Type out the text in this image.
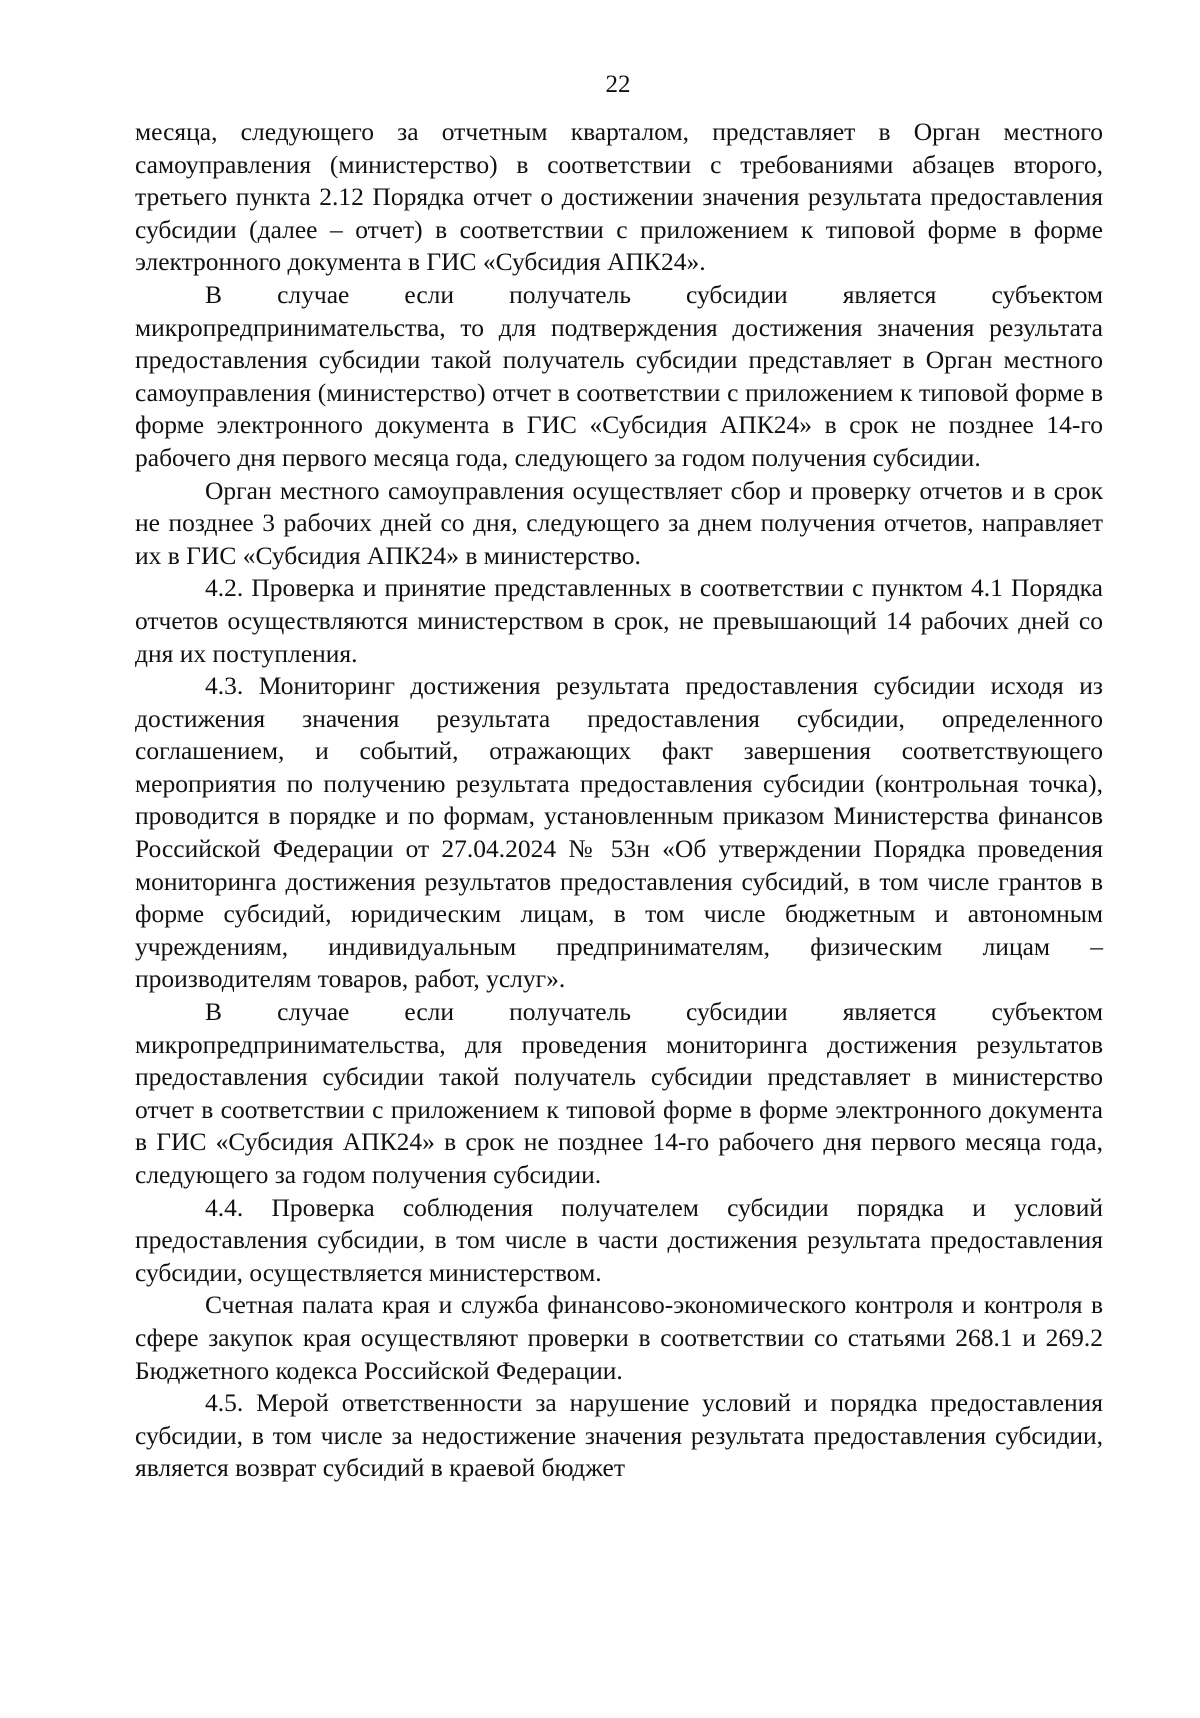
22

месяца, следующего за отчетным кварталом, представляет в Орган местного самоуправления (министерство) в соответствии с требованиями абзацев второго, третьего пункта 2.12 Порядка отчет о достижении значения результата предоставления субсидии (далее – отчет) в соответствии с приложением к типовой форме в форме электронного документа в ГИС «Субсидия АПК24».

В случае если получатель субсидии является субъектом микропредпринимательства, то для подтверждения достижения значения результата предоставления субсидии такой получатель субсидии представляет в Орган местного самоуправления (министерство) отчет в соответствии с приложением к типовой форме в форме электронного документа в ГИС «Субсидия АПК24» в срок не позднее 14-го рабочего дня первого месяца года, следующего за годом получения субсидии.

Орган местного самоуправления осуществляет сбор и проверку отчетов и в срок не позднее 3 рабочих дней со дня, следующего за днем получения отчетов, направляет их в ГИС «Субсидия АПК24» в министерство.

4.2. Проверка и принятие представленных в соответствии с пунктом 4.1 Порядка отчетов осуществляются министерством в срок, не превышающий 14 рабочих дней со дня их поступления.

4.3. Мониторинг достижения результата предоставления субсидии исходя из достижения значения результата предоставления субсидии, определенного соглашением, и событий, отражающих факт завершения соответствующего мероприятия по получению результата предоставления субсидии (контрольная точка), проводится в порядке и по формам, установленным приказом Министерства финансов Российской Федерации от 27.04.2024 № 53н «Об утверждении Порядка проведения мониторинга достижения результатов предоставления субсидий, в том числе грантов в форме субсидий, юридическим лицам, в том числе бюджетным и автономным учреждениям, индивидуальным предпринимателям, физическим лицам – производителям товаров, работ, услуг».

В случае если получатель субсидии является субъектом микропредпринимательства, для проведения мониторинга достижения результатов предоставления субсидии такой получатель субсидии представляет в министерство отчет в соответствии с приложением к типовой форме в форме электронного документа в ГИС «Субсидия АПК24» в срок не позднее 14-го рабочего дня первого месяца года, следующего за годом получения субсидии.

4.4. Проверка соблюдения получателем субсидии порядка и условий предоставления субсидии, в том числе в части достижения результата предоставления субсидии, осуществляется министерством.

Счетная палата края и служба финансово-экономического контроля и контроля в сфере закупок края осуществляют проверки в соответствии со статьями 268.1 и 269.2 Бюджетного кодекса Российской Федерации.

4.5. Мерой ответственности за нарушение условий и порядка предоставления субсидии, в том числе за недостижение значения результата предоставления субсидии, является возврат субсидий в краевой бюджет
